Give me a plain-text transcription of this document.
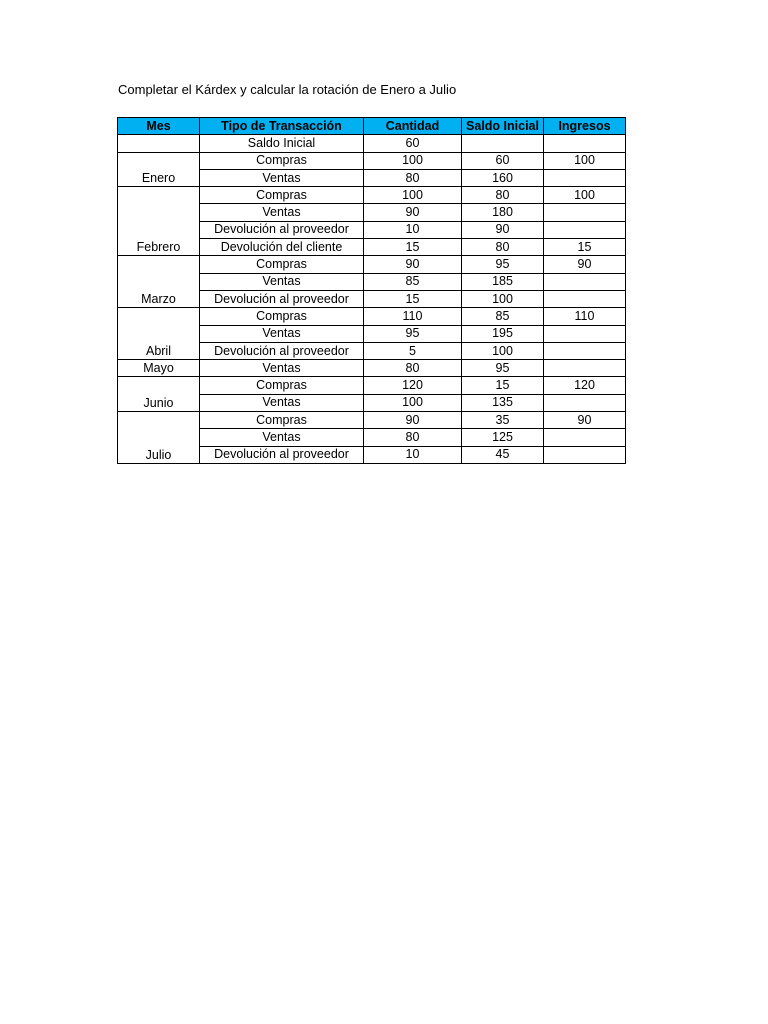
Completar el Kárdex y calcular la rotación de Enero a Julio
Mes	Tipo de Transacción	Cantidad	Saldo Inicial	Ingresos
	Saldo Inicial	60		
Enero	Compras	100	60	100
	Ventas	80	160	
Febrero	Compras	100	80	100
	Ventas	90	180	
	Devolución al proveedor	10	90	
	Devolución del cliente	15	80	15
Marzo	Compras	90	95	90
	Ventas	85	185	
	Devolución al proveedor	15	100	
Abril	Compras	110	85	110
	Ventas	95	195	
	Devolución al proveedor	5	100	
Mayo	Ventas	80	95	
Junio	Compras	120	15	120
	Ventas	100	135	
Julio	Compras	90	35	90
	Ventas	80	125	
	Devolución al proveedor	10	45	
